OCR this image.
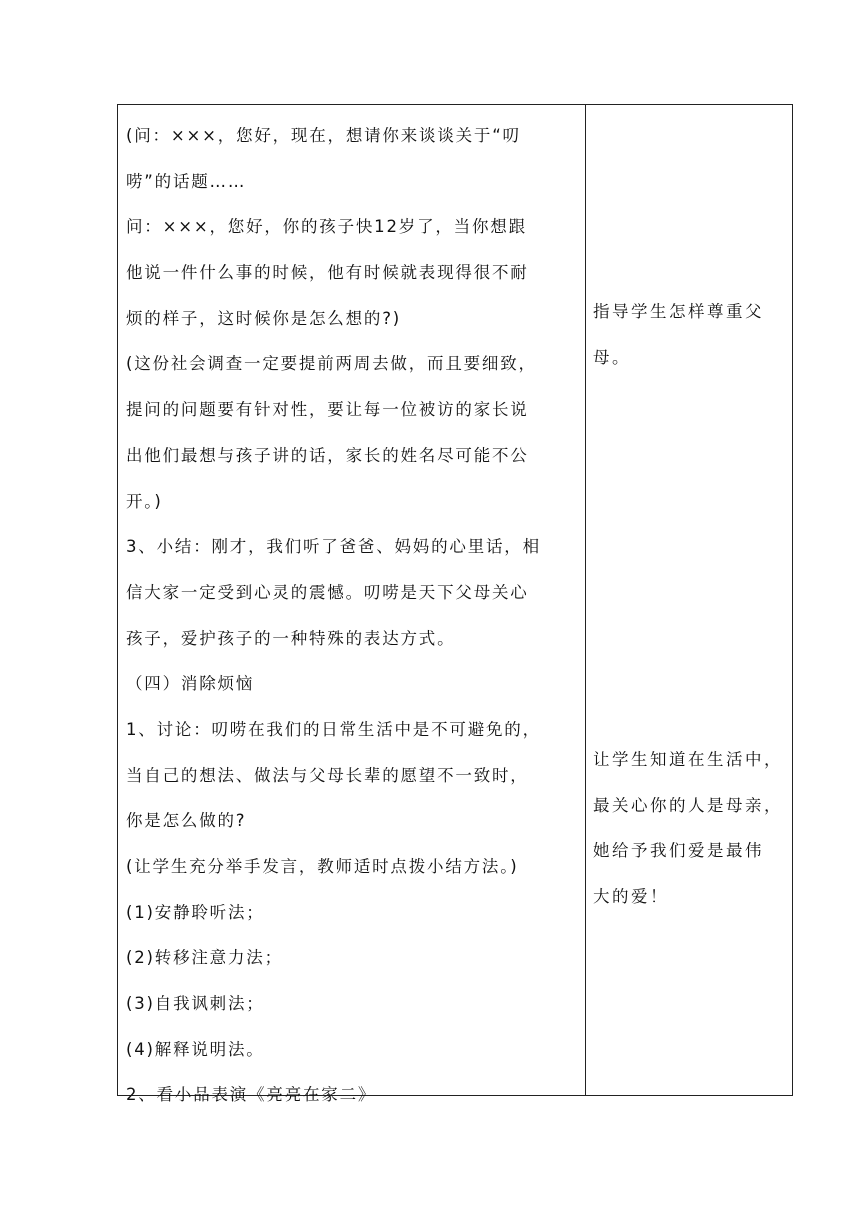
(问：×××，您好，现在，想请你来谈谈关于“叨
唠”的话题……
问：×××，您好，你的孩子快12岁了，当你想跟
他说一件什么事的时候，他有时候就表现得很不耐
烦的样子，这时候你是怎么想的?)
(这份社会调查一定要提前两周去做，而且要细致，
提问的问题要有针对性，要让每一位被访的家长说
出他们最想与孩子讲的话，家长的姓名尽可能不公
开。)
3、小结：刚才，我们听了爸爸、妈妈的心里话，相
信大家一定受到心灵的震憾。叨唠是天下父母关心
孩子，爱护孩子的一种特殊的表达方式。
（四）消除烦恼
1、讨论：叨唠在我们的日常生活中是不可避免的，
当自己的想法、做法与父母长辈的愿望不一致时，
你是怎么做的?
(让学生充分举手发言，教师适时点拨小结方法。)
(1)安静聆听法；
(2)转移注意力法；
(3)自我讽刺法；
(4)解释说明法。
2、看小品表演《亮亮在家二》
指导学生怎样尊重父
母。
让学生知道在生活中，
最关心你的人是母亲，
她给予我们爱是最伟
大的爱！
